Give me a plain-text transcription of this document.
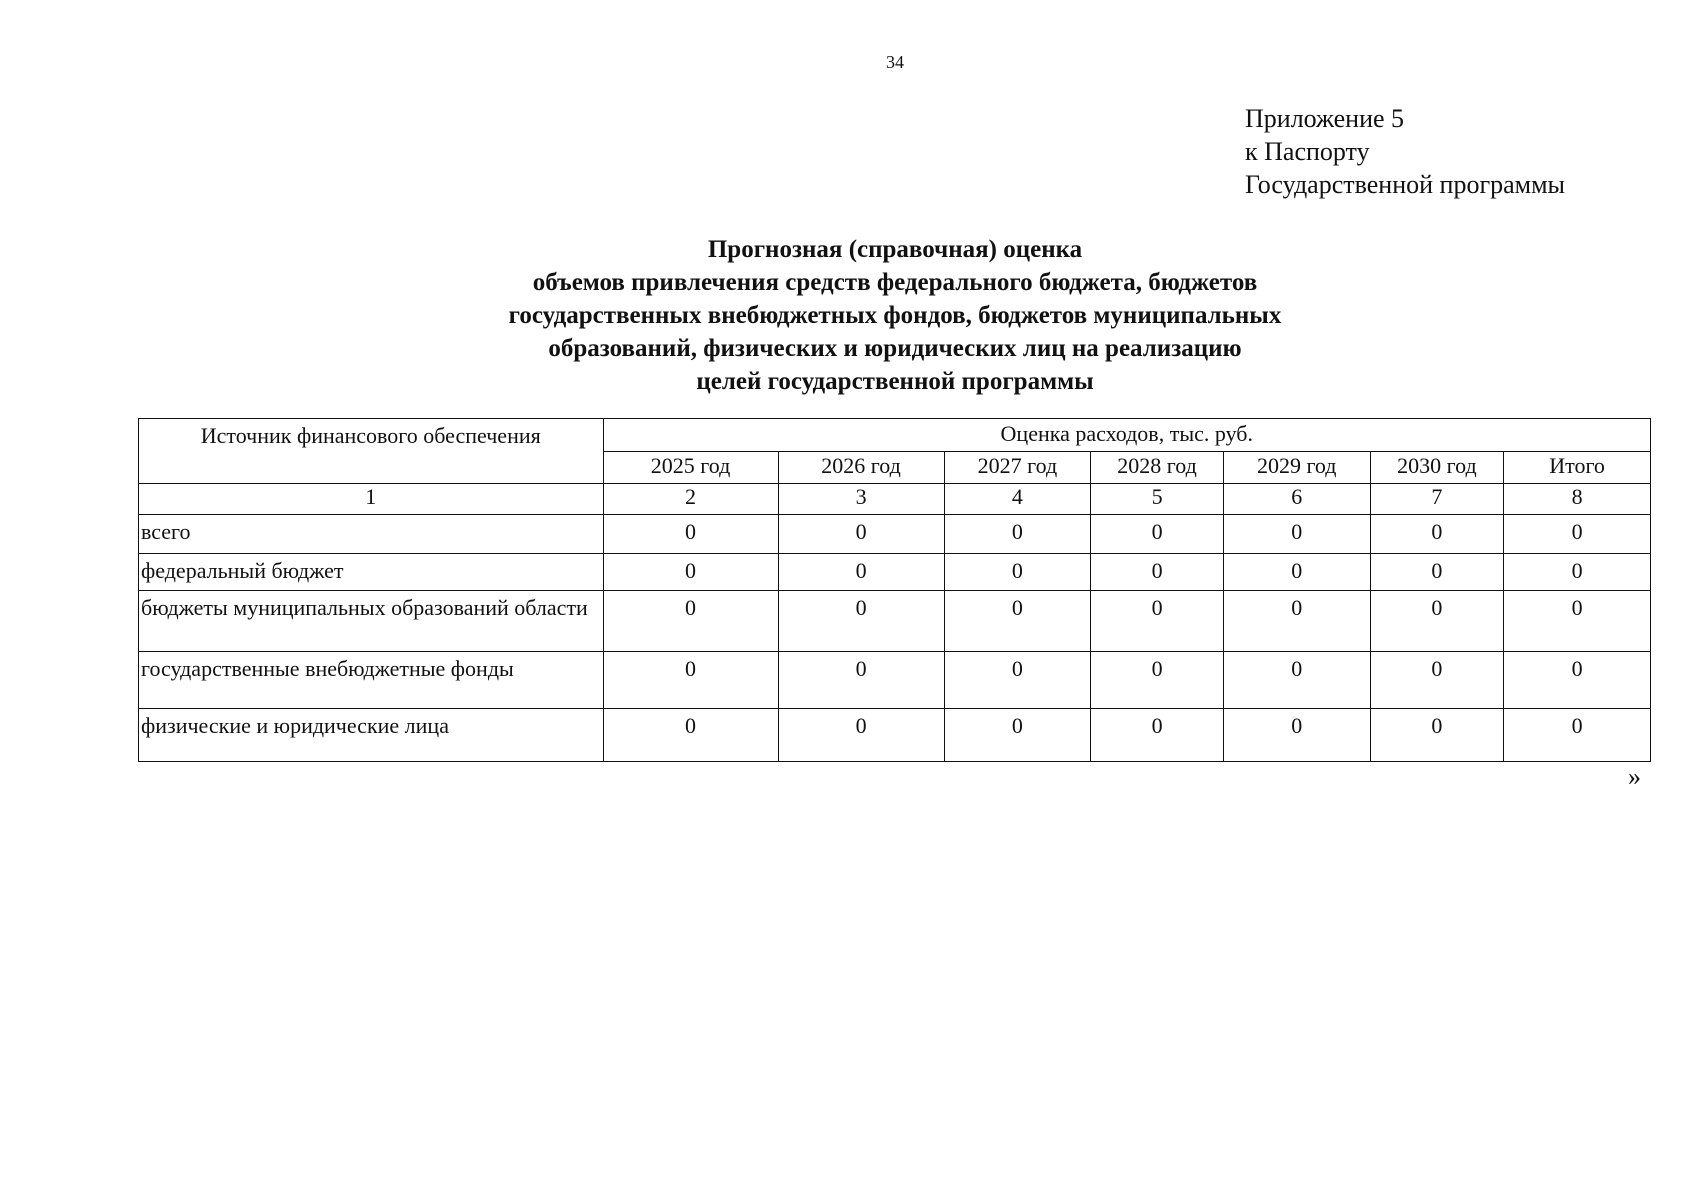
34
Приложение 5
к Паспорту
Государственной программы
Прогнозная (справочная) оценка
объемов привлечения средств федерального бюджета, бюджетов
государственных внебюджетных фондов, бюджетов муниципальных
образований, физических и юридических лиц на реализацию
целей государственной программы
Источник финансового обеспечения	Оценка расходов, тыс. руб.						
	2025 год	2026 год	2027 год	2028 год	2029 год	2030 год	Итого
1	2	3	4	5	6	7	8
всего	0	0	0	0	0	0	0
федеральный бюджет	0	0	0	0	0	0	0
бюджеты муниципальных образований области	0	0	0	0	0	0	0
государственные внебюджетные фонды	0	0	0	0	0	0	0
физические и юридические лица	0	0	0	0	0	0	0
»
